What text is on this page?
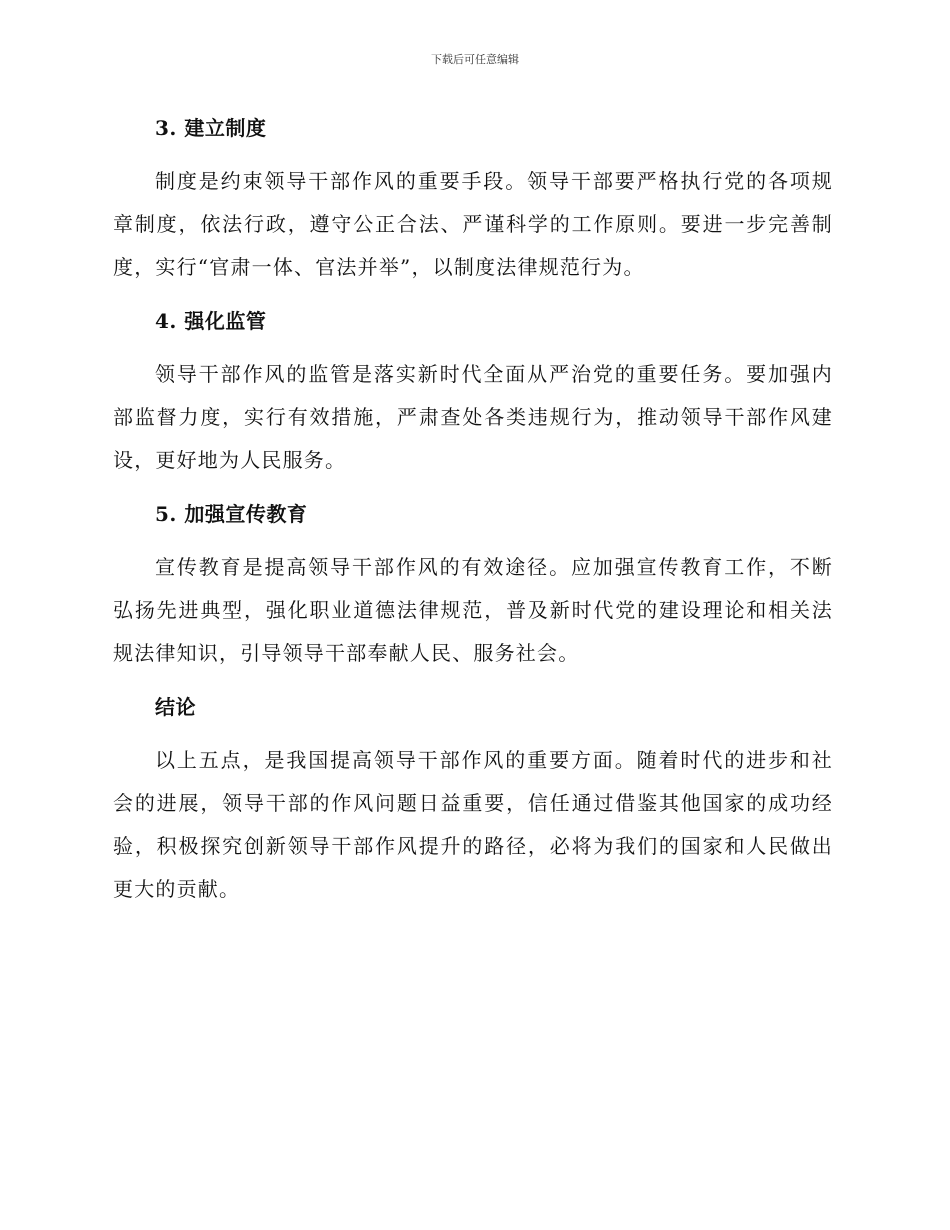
下载后可任意编辑
3. 建立制度

制度是约束领导干部作风的重要手段。领导干部要严格执行党的各项规章制度，依法行政，遵守公正合法、严谨科学的工作原则。要进一步完善制度，实行“官肃一体、官法并举”，以制度法律规范行为。

4. 强化监管

领导干部作风的监管是落实新时代全面从严治党的重要任务。要加强内部监督力度，实行有效措施，严肃查处各类违规行为，推动领导干部作风建设，更好地为人民服务。

5. 加强宣传教育

宣传教育是提高领导干部作风的有效途径。应加强宣传教育工作，不断弘扬先进典型，强化职业道德法律规范，普及新时代党的建设理论和相关法规法律知识，引导领导干部奉献人民、服务社会。

结论

以上五点，是我国提高领导干部作风的重要方面。随着时代的进步和社会的进展，领导干部的作风问题日益重要，信任通过借鉴其他国家的成功经验，积极探究创新领导干部作风提升的路径，必将为我们的国家和人民做出更大的贡献。
